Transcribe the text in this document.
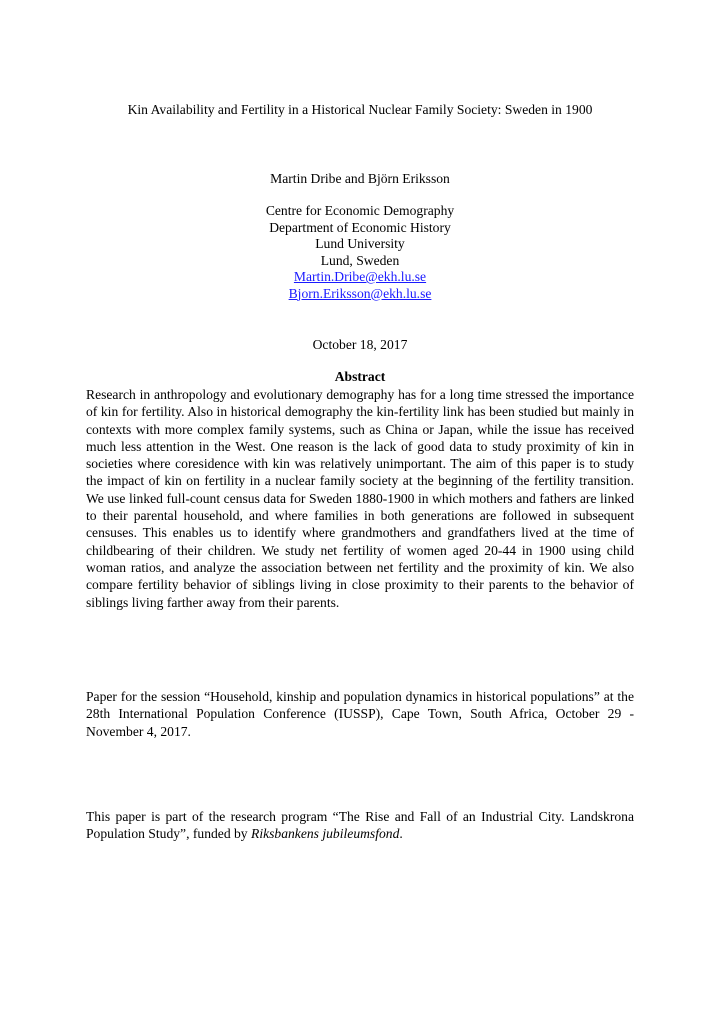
Kin Availability and Fertility in a Historical Nuclear Family Society: Sweden in 1900
Martin Dribe and Björn Eriksson
Centre for Economic Demography
Department of Economic History
Lund University
Lund, Sweden
Martin.Dribe@ekh.lu.se
Bjorn.Eriksson@ekh.lu.se
October 18, 2017
Abstract

Research in anthropology and evolutionary demography has for a long time stressed the importance of kin for fertility. Also in historical demography the kin-fertility link has been studied but mainly in contexts with more complex family systems, such as China or Japan, while the issue has received much less attention in the West. One reason is the lack of good data to study proximity of kin in societies where coresidence with kin was relatively unimportant. The aim of this paper is to study the impact of kin on fertility in a nuclear family society at the beginning of the fertility transition. We use linked full-count census data for Sweden 1880-1900 in which mothers and fathers are linked to their parental household, and where families in both generations are followed in subsequent censuses. This enables us to identify where grandmothers and grandfathers lived at the time of childbearing of their children. We study net fertility of women aged 20-44 in 1900 using child woman ratios, and analyze the association between net fertility and the proximity of kin. We also compare fertility behavior of siblings living in close proximity to their parents to the behavior of siblings living farther away from their parents.

Paper for the session “Household, kinship and population dynamics in historical populations” at the 28th International Population Conference (IUSSP), Cape Town, South Africa, October 29 - November 4, 2017.

This paper is part of the research program “The Rise and Fall of an Industrial City. Landskrona Population Study”, funded by Riksbankens jubileumsfond.
